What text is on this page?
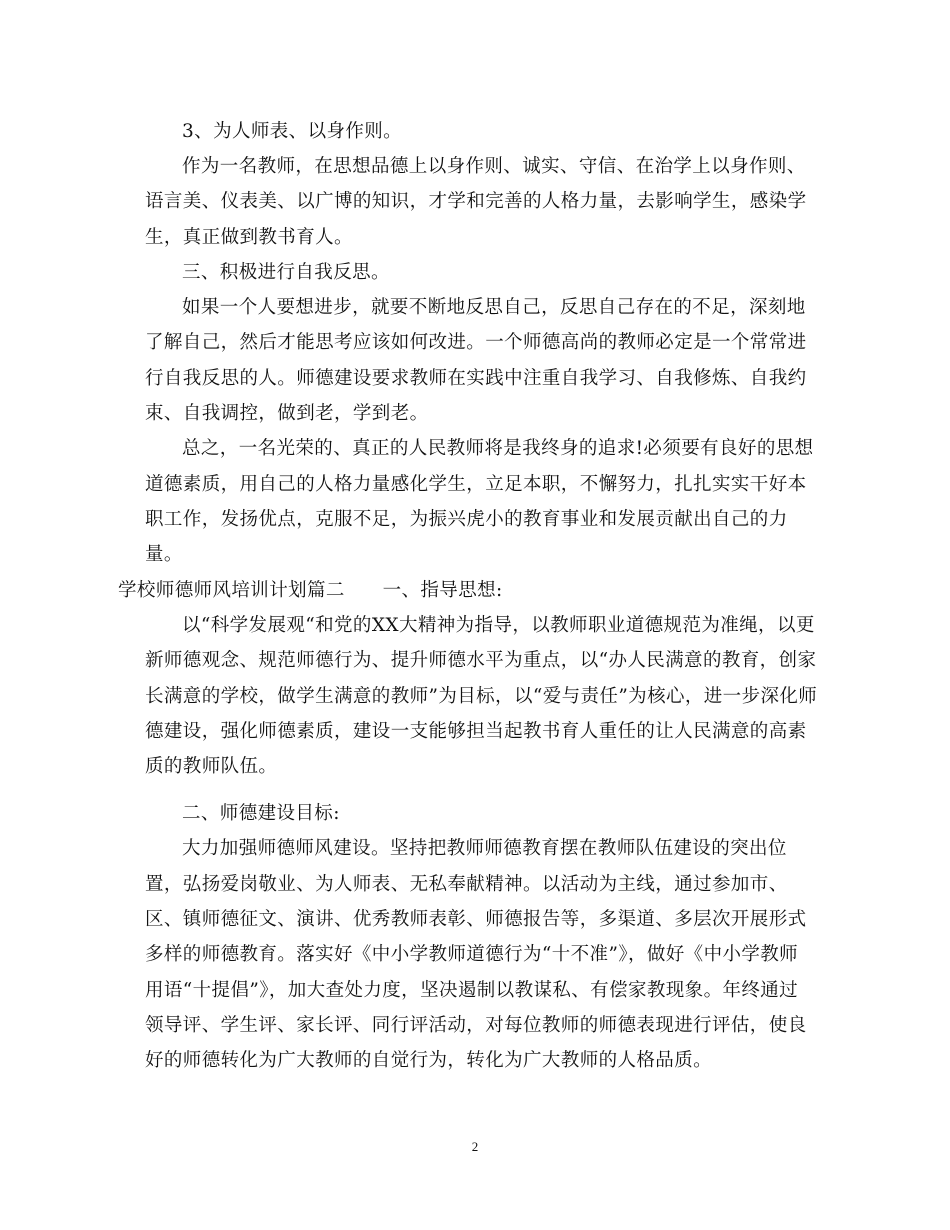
3、为人师表、以身作则。
作为一名教师，在思想品德上以身作则、诚实、守信、在治学上以身作则、
语言美、仪表美、以广博的知识，才学和完善的人格力量，去影响学生，感染学
生，真正做到教书育人。
三、积极进行自我反思。
如果一个人要想进步，就要不断地反思自己，反思自己存在的不足，深刻地
了解自己，然后才能思考应该如何改进。一个师德高尚的教师必定是一个常常进
行自我反思的人。师德建设要求教师在实践中注重自我学习、自我修炼、自我约
束、自我调控，做到老，学到老。
总之，一名光荣的、真正的人民教师将是我终身的追求!必须要有良好的思想
道德素质，用自己的人格力量感化学生，立足本职，不懈努力，扎扎实实干好本
职工作，发扬优点，克服不足，为振兴虎小的教育事业和发展贡献出自己的力
量。
学校师德师风培训计划篇二　　一、指导思想:
以“科学发展观“和党的XX大精神为指导，以教师职业道德规范为准绳，以更
新师德观念、规范师德行为、提升师德水平为重点，以“办人民满意的教育，创家
长满意的学校，做学生满意的教师”为目标，以“爱与责任”为核心，进一步深化师
德建设，强化师德素质，建设一支能够担当起教书育人重任的让人民满意的高素
质的教师队伍。
二、师德建设目标:
大力加强师德师风建设。坚持把教师师德教育摆在教师队伍建设的突出位
置，弘扬爱岗敬业、为人师表、无私奉献精神。以活动为主线，通过参加市、
区、镇师德征文、演讲、优秀教师表彰、师德报告等，多渠道、多层次开展形式
多样的师德教育。落实好《中小学教师道德行为“十不准”》，做好《中小学教师
用语“十提倡”》，加大查处力度，坚决遏制以教谋私、有偿家教现象。年终通过
领导评、学生评、家长评、同行评活动，对每位教师的师德表现进行评估，使良
好的师德转化为广大教师的自觉行为，转化为广大教师的人格品质。
2
